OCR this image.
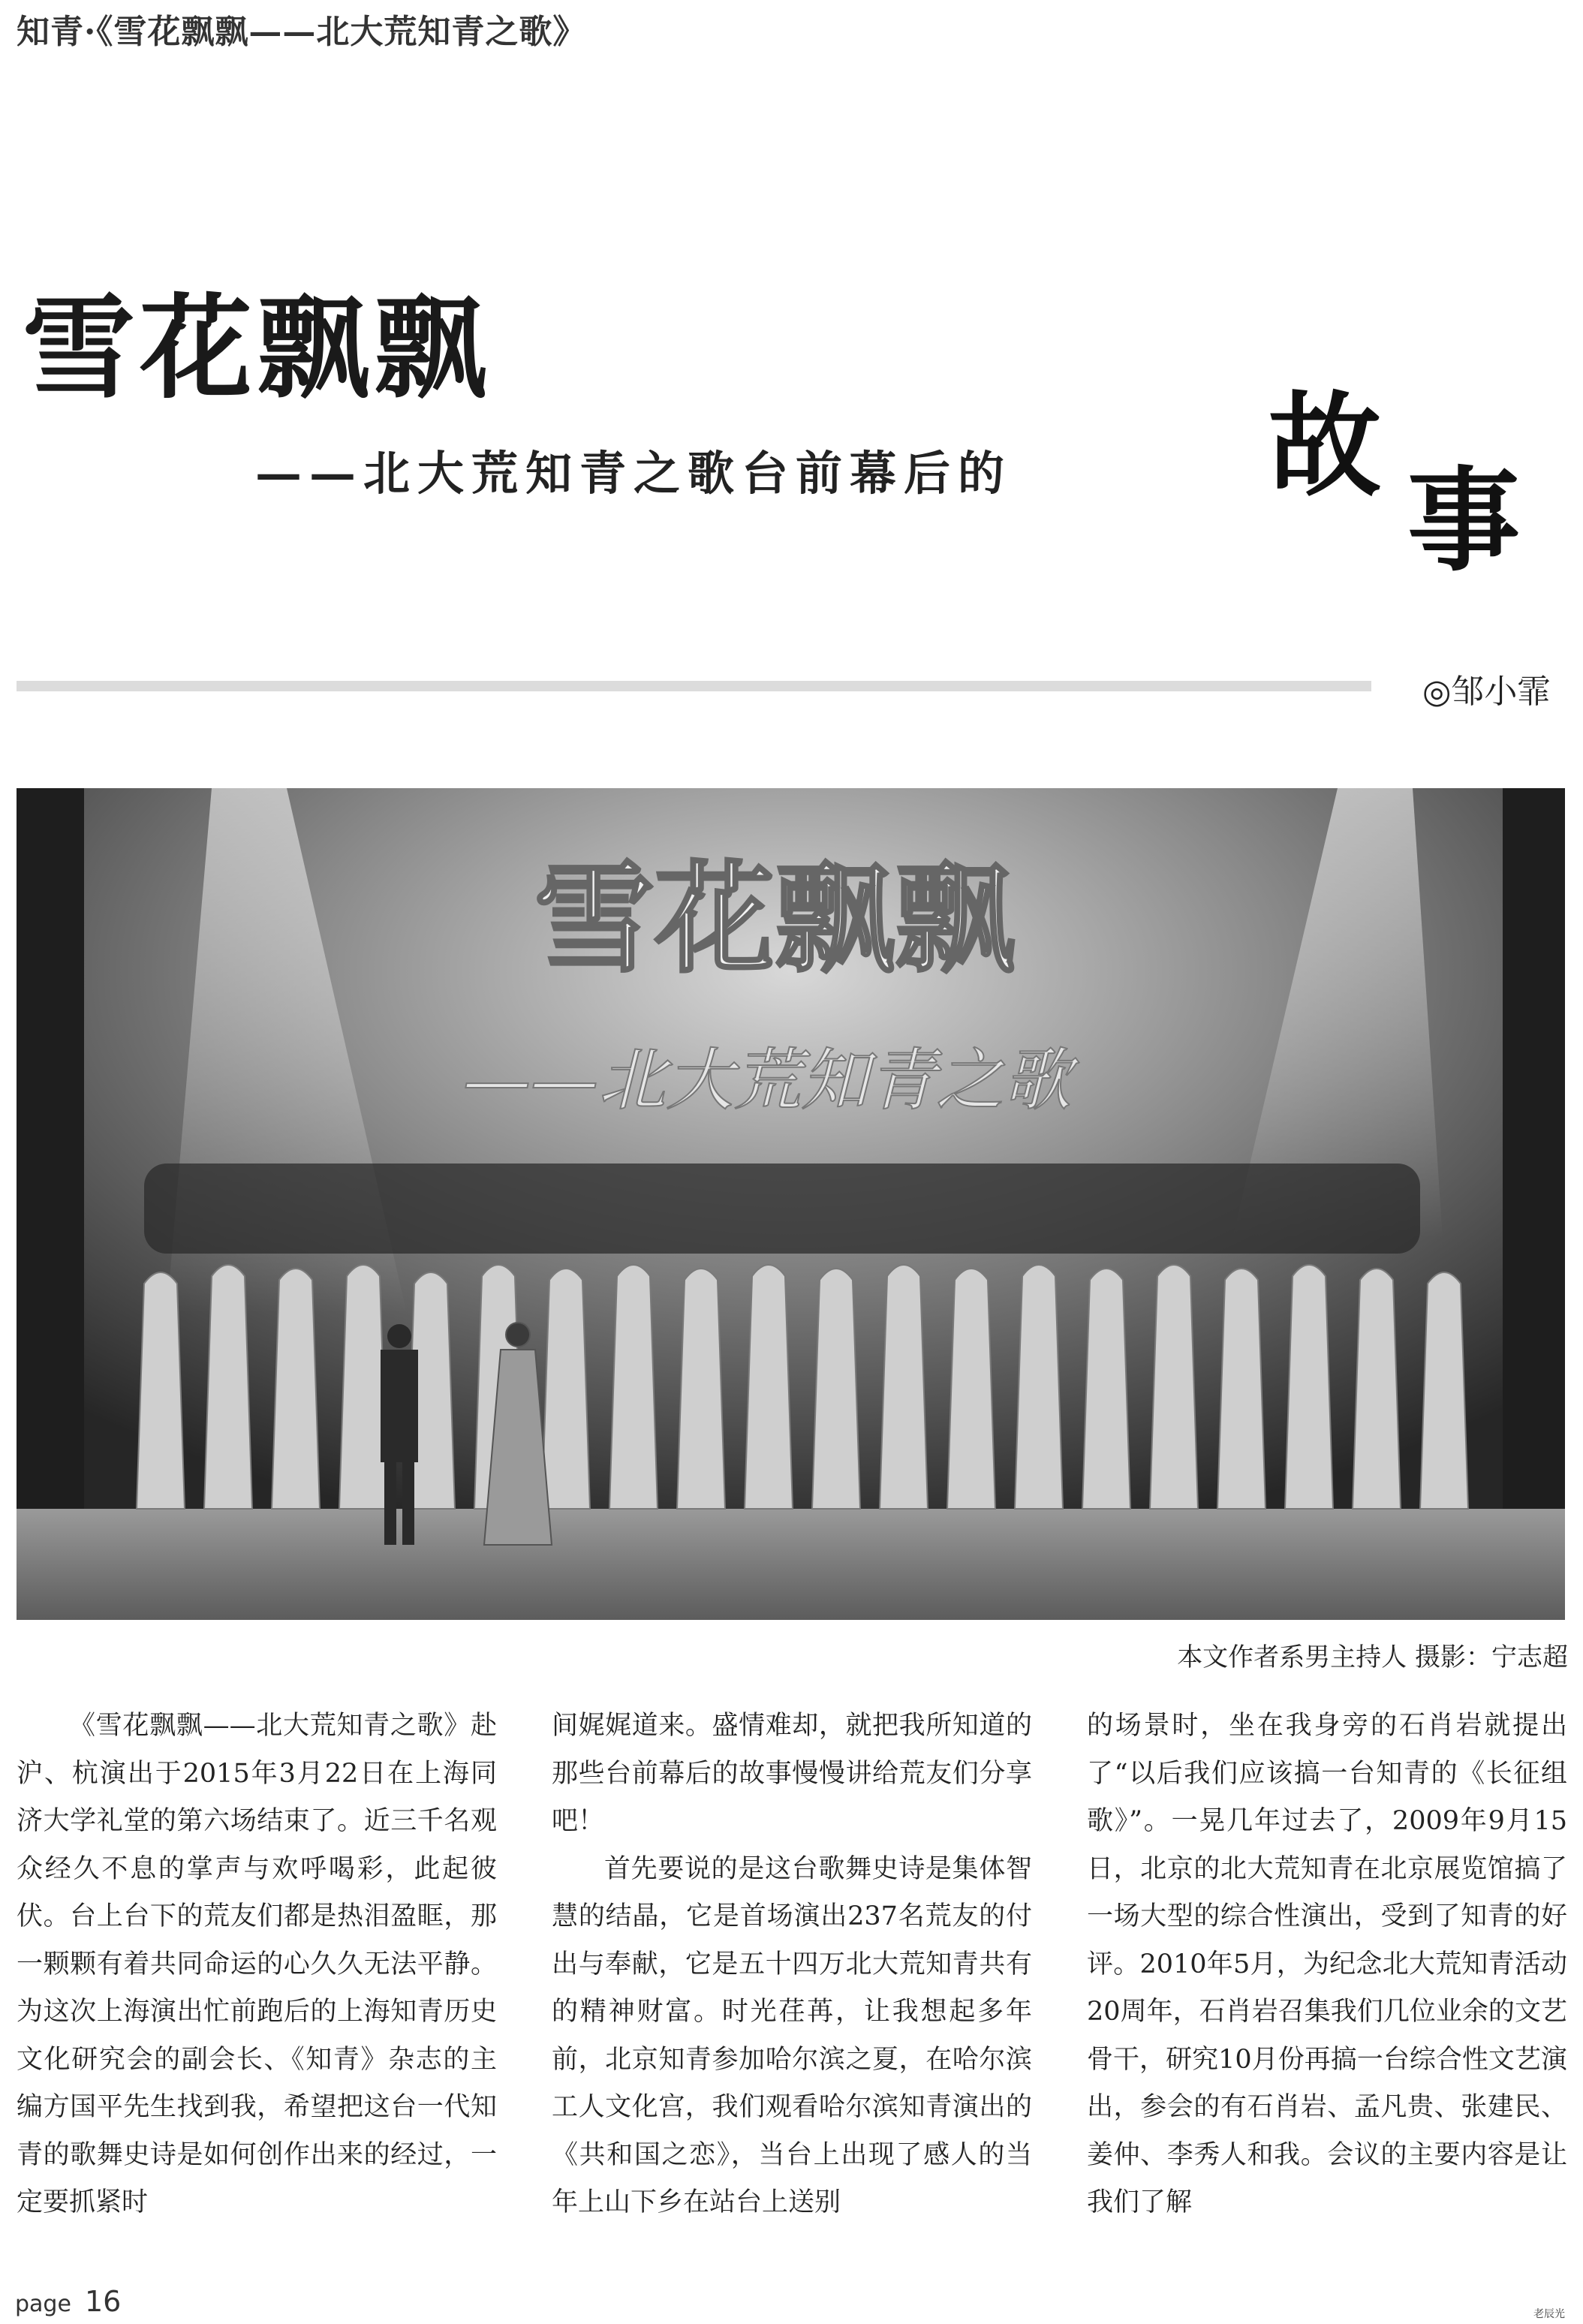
知青·《雪花飘飘——北大荒知青之歌》
雪花飘飘
——北大荒知青之歌台前幕后的 故
事
◎邹小霏
雪花飘飘
——北大荒知青之歌
本文作者系男主持人 摄影：宁志超

《雪花飘飘——北大荒知青之歌》赴沪、杭演出于2015年3月22日在上海同济大学礼堂的第六场结束了。近三千名观众经久不息的掌声与欢呼喝彩，此起彼伏。台上台下的荒友们都是热泪盈眶，那一颗颗有着共同命运的心久久无法平静。为这次上海演出忙前跑后的上海知青历史文化研究会的副会长、《知青》杂志的主编方国平先生找到我，希望把这台一代知青的歌舞史诗是如何创作出来的经过，一定要抓紧时

间娓娓道来。盛情难却，就把我所知道的那些台前幕后的故事慢慢讲给荒友们分享吧！

首先要说的是这台歌舞史诗是集体智慧的结晶，它是首场演出237名荒友的付出与奉献，它是五十四万北大荒知青共有的精神财富。时光荏苒，让我想起多年前，北京知青参加哈尔滨之夏，在哈尔滨工人文化宫，我们观看哈尔滨知青演出的《共和国之恋》，当台上出现了感人的当年上山下乡在站台上送别

的场景时，坐在我身旁的石肖岩就提出了“以后我们应该搞一台知青的《长征组歌》”。一晃几年过去了，2009年9月15日，北京的北大荒知青在北京展览馆搞了一场大型的综合性演出，受到了知青的好评。2010年5月，为纪念北大荒知青活动20周年，石肖岩召集我们几位业余的文艺骨干，研究10月份再搞一台综合性文艺演出，参会的有石肖岩、孟凡贵、张建民、姜仲、李秀人和我。会议的主要内容是让我们了解

page 16	老辰光
